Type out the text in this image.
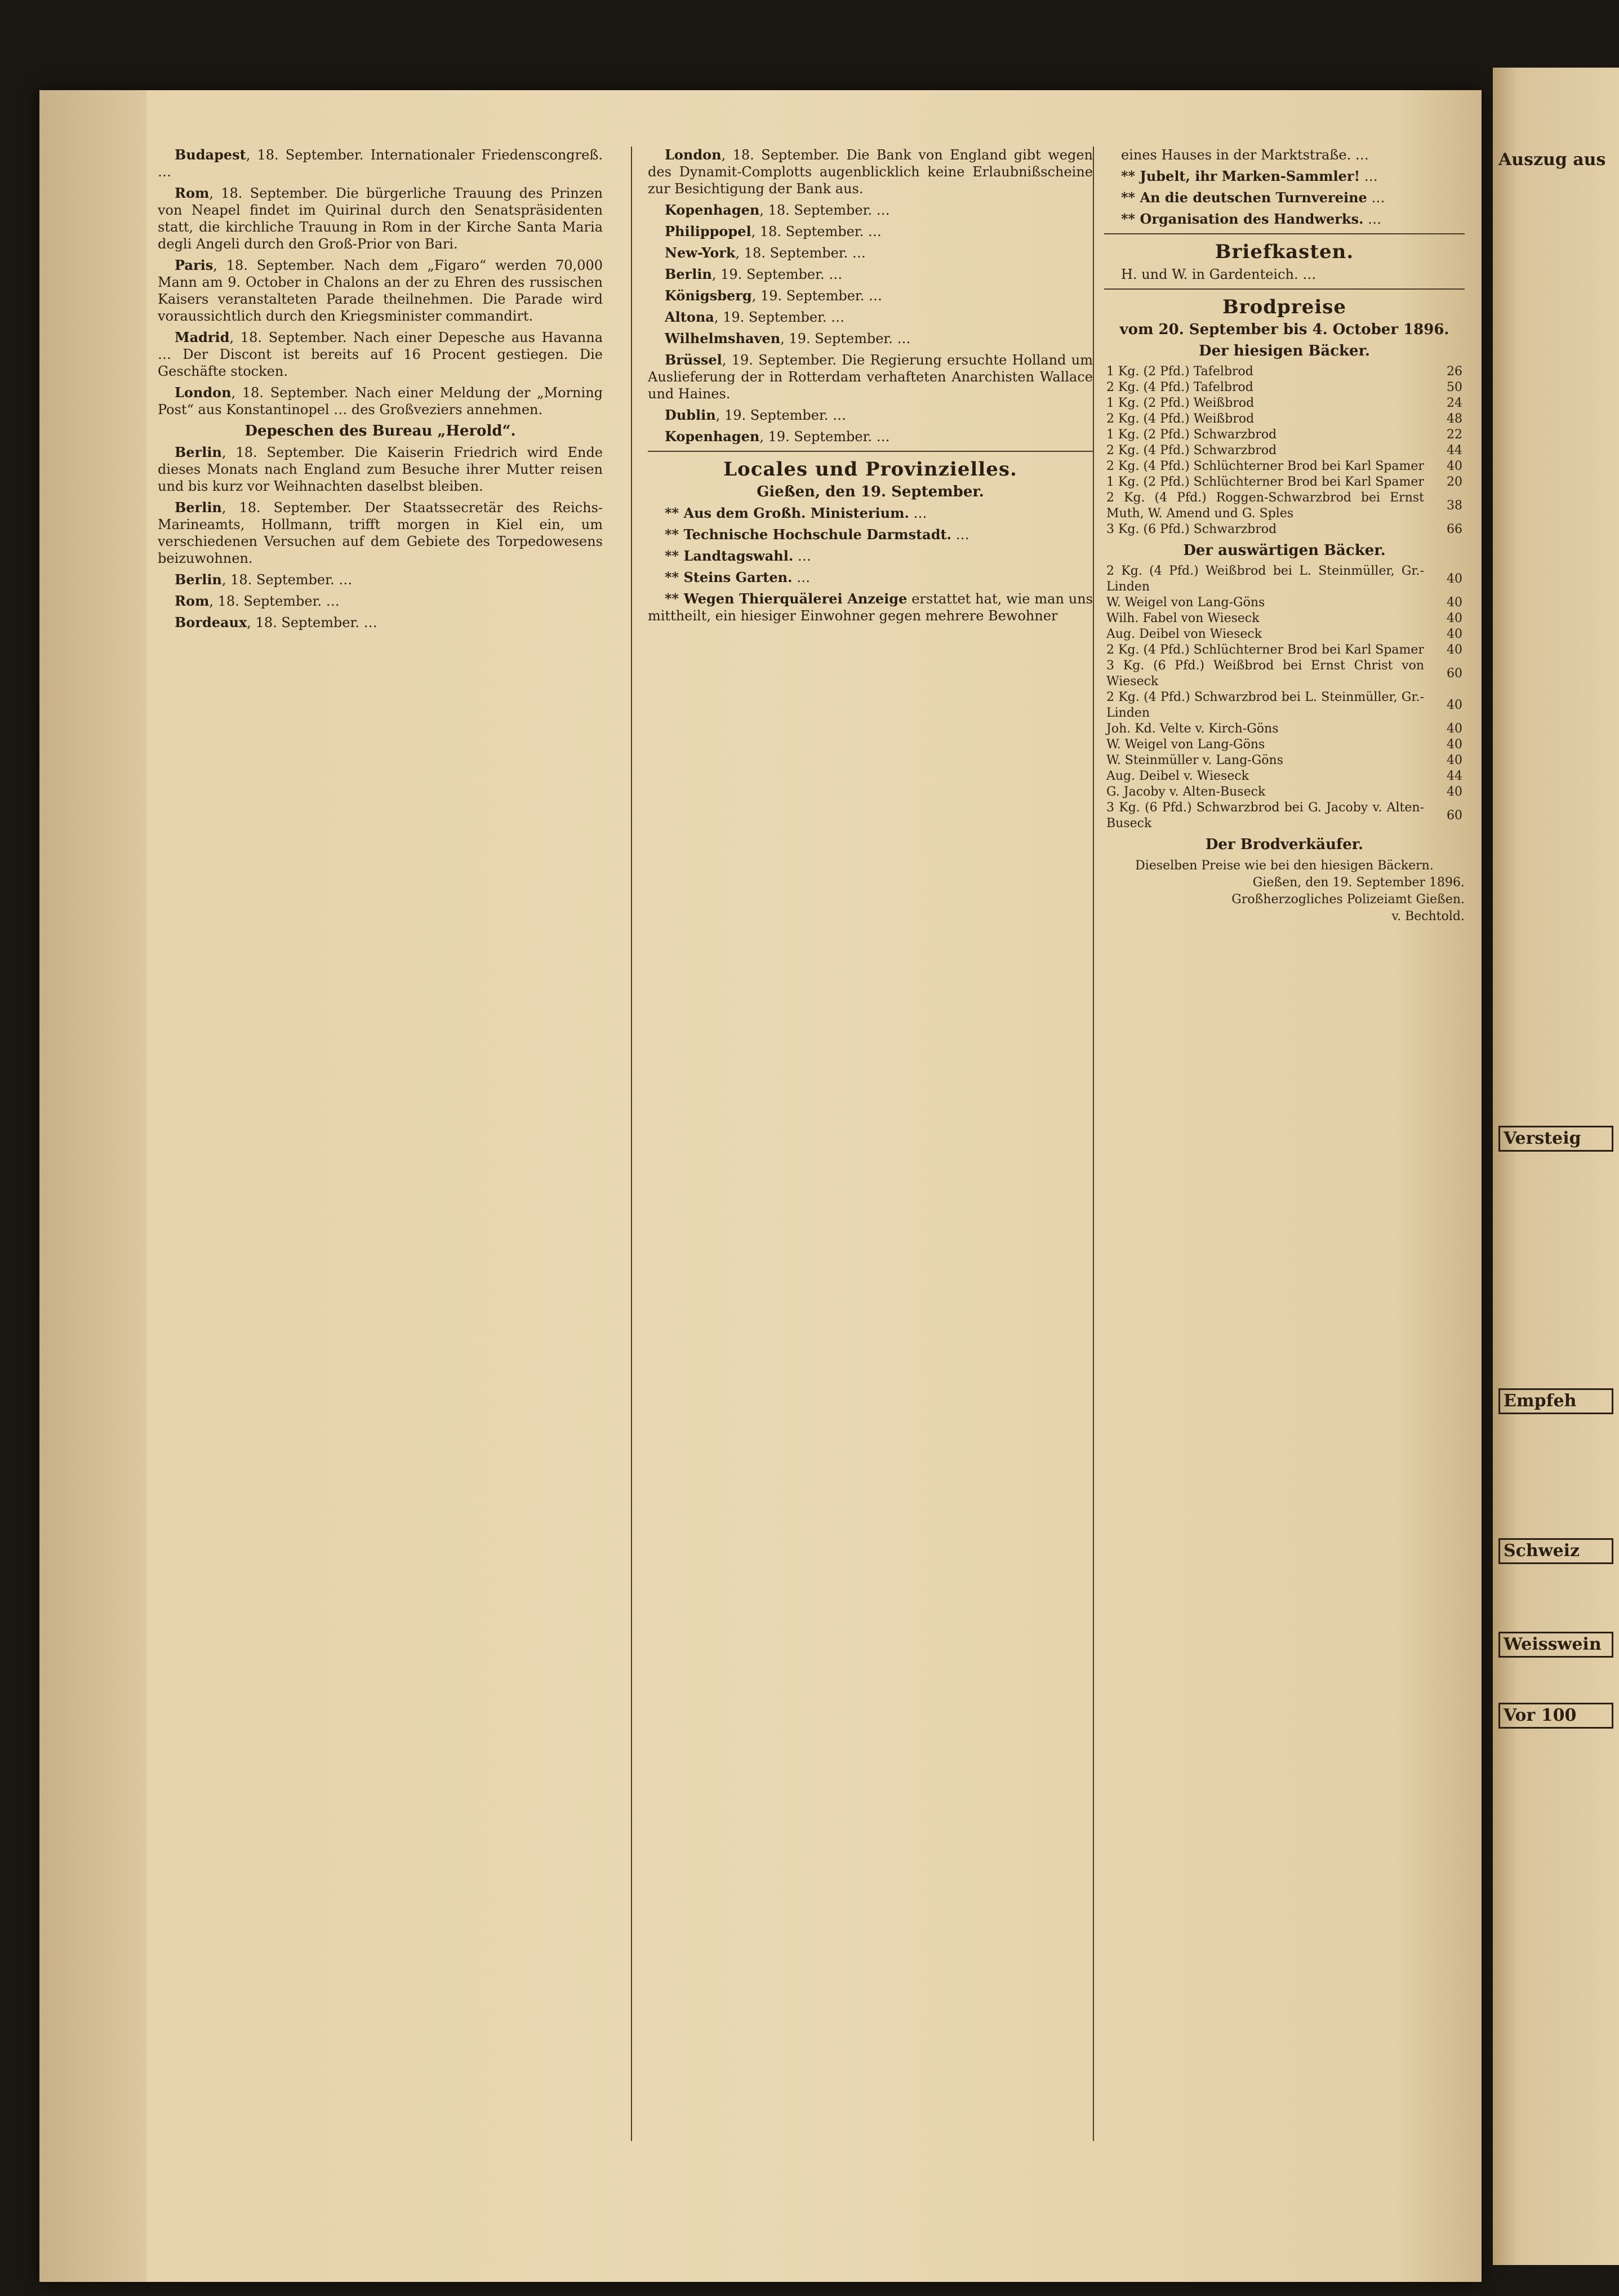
Budapest, 18. September. Internationaler Friedenscongreß. …
Rom, 18. September. Die bürgerliche Trauung des Prinzen von Neapel findet im Quirinal durch den Senatspräsidenten statt, die kirchliche Trauung in Rom in der Kirche Santa Maria degli Angeli durch den Groß-Prior von Bari.
Paris, 18. September. Nach dem „Figaro“ werden 70,000 Mann am 9. October in Chalons an der zu Ehren des russischen Kaisers veranstalteten Parade theilnehmen. Die Parade wird voraussichtlich durch den Kriegsminister commandirt.
Madrid, 18. September. Nach einer Depesche aus Havanna … Der Discont ist bereits auf 16 Procent gestiegen. Die Geschäfte stocken.
London, 18. September. Nach einer Meldung der „Morning Post“ aus Konstantinopel … des Großveziers annehmen.
Depeschen des Bureau „Herold“.
Berlin, 18. September. Die Kaiserin Friedrich wird Ende dieses Monats nach England zum Besuche ihrer Mutter reisen und bis kurz vor Weihnachten daselbst bleiben.
Berlin, 18. September. Der Staatssecretär des Reichs-Marineamts, Hollmann, trifft morgen in Kiel ein, um verschiedenen Versuchen auf dem Gebiete des Torpedowesens beizuwohnen.
Berlin, 18. September. …
Rom, 18. September. …
Bordeaux, 18. September. …
London, 18. September. Die Bank von England gibt wegen des Dynamit-Complotts augenblicklich keine Erlaubnißscheine zur Besichtigung der Bank aus.
Kopenhagen, 18. September. …
Philippopel, 18. September. …
New-York, 18. September. …
Berlin, 19. September. …
Königsberg, 19. September. …
Altona, 19. September. …
Wilhelmshaven, 19. September. …
Brüssel, 19. September. Die Regierung ersuchte Holland um Auslieferung der in Rotterdam verhafteten Anarchisten Wallace und Haines.
Dublin, 19. September. …
Kopenhagen, 19. September. …
Locales und Provinzielles.
Gießen, den 19. September.
** Aus dem Großh. Ministerium. …
** Technische Hochschule Darmstadt. …
** Landtagswahl. …
** Steins Garten. …
** Wegen Thierquälerei Anzeige erstattet hat, wie man uns mittheilt, ein hiesiger Einwohner gegen mehrere Bewohner
eines Hauses in der Marktstraße. …
** Jubelt, ihr Marken-Sammler! …
** An die deutschen Turnvereine …
** Organisation des Handwerks. …
Briefkasten.
H. und W. in Gardenteich. …
Brodpreise
vom 20. September bis 4. October 1896.
Der hiesigen Bäcker.
1 Kg. (2 Pfd.) Tafelbrod	26
2 Kg. (4 Pfd.) Tafelbrod	50
1 Kg. (2 Pfd.) Weißbrod	24
2 Kg. (4 Pfd.) Weißbrod	48
1 Kg. (2 Pfd.) Schwarzbrod	22
2 Kg. (4 Pfd.) Schwarzbrod	44
2 Kg. (4 Pfd.) Schlüchterner Brod bei Karl Spamer	40
1 Kg. (2 Pfd.) Schlüchterner Brod bei Karl Spamer	20
2 Kg. (4 Pfd.) Roggen-Schwarzbrod bei Ernst Muth, W. Amend und G. Sples	38
3 Kg. (6 Pfd.) Schwarzbrod	66
Der auswärtigen Bäcker.
2 Kg. (4 Pfd.) Weißbrod bei L. Steinmüller, Gr.-Linden	40
W. Weigel von Lang-Göns	40
Wilh. Fabel von Wieseck	40
Aug. Deibel von Wieseck	40
2 Kg. (4 Pfd.) Schlüchterner Brod bei Karl Spamer	40
3 Kg. (6 Pfd.) Weißbrod bei Ernst Christ von Wieseck	60
2 Kg. (4 Pfd.) Schwarzbrod bei L. Steinmüller, Gr.-Linden	40
Joh. Kd. Velte v. Kirch-Göns	40
W. Weigel von Lang-Göns	40
W. Steinmüller v. Lang-Göns	40
Aug. Deibel v. Wieseck	44
G. Jacoby v. Alten-Buseck	40
3 Kg. (6 Pfd.) Schwarzbrod bei G. Jacoby v. Alten-Buseck	60
Der Brodverkäufer.
Dieselben Preise wie bei den hiesigen Bäckern.
Gießen, den 19. September 1896.
Großherzogliches Polizeiamt Gießen.
v. Bechtold.
Auszug aus
Versteig
Empfeh
Schweiz
Weisswein
Vor 100
